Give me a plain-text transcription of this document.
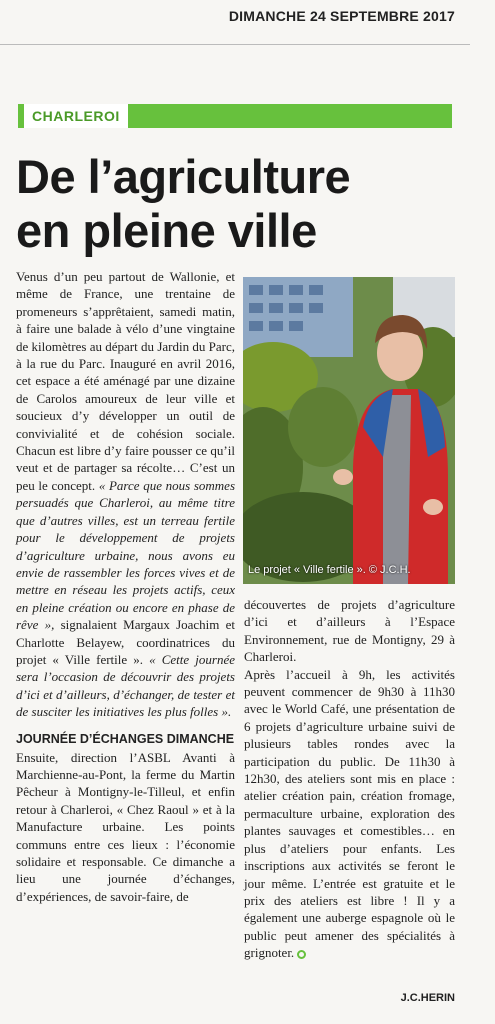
DIMANCHE 24 SEPTEMBRE 2017
CHARLEROI
De l’agriculture
en pleine ville

Venus d’un peu partout de Wallonie, et même de France, une trentaine de promeneurs s’apprêtaient, samedi matin, à faire une balade à vélo d’une vingtaine de kilomètres au départ du Jardin du Parc, à la rue du Parc. Inauguré en avril 2016, cet espace a été aménagé par une dizaine de Carolos amoureux de leur ville et soucieux d’y développer un outil de convivialité et de cohésion sociale. Chacun est libre d’y faire pousser ce qu’il veut et de partager sa récolte… C’est un peu le concept. « Parce que nous sommes persuadés que Charleroi, au même titre que d’autres villes, est un terreau fertile pour le développement de projets d’agriculture urbaine, nous avons eu envie de rassembler les forces vives et de mettre en réseau les projets actifs, ceux en pleine création ou encore en phase de rêve », signalaient Margaux Joachim et Charlotte Belayew, coordinatrices du projet « Ville fertile ». « Cette journée sera l’occasion de découvrir des projets d’ici et d’ailleurs, d’échanger, de tester et de susciter les initiatives les plus folles ».

JOURNÉE D’ÉCHANGES DIMANCHE

Ensuite, direction l’ASBL Avanti à Marchienne-au-Pont, la ferme du Martin Pêcheur à Montigny-le-Tilleul, et enfin retour à Charleroi, « Chez Raoul » et à la Manufacture urbaine. Les points communs entre ces lieux : l’économie solidaire et responsable. Ce dimanche a lieu une journée d’échanges, d’expériences, de savoir-faire, de

Le projet « Ville fertile ». © J.C.H.

découvertes de projets d’agriculture d’ici et d’ailleurs à l’Espace Environnement, rue de Montigny, 29 à Charleroi.

Après l’accueil à 9h, les activités peuvent commencer de 9h30 à 11h30 avec le World Café, une présentation de 6 projets d’agriculture urbaine suivi de plusieurs tables rondes avec la participation du public. De 11h30 à 12h30, des ateliers sont mis en place : atelier création pain, création fromage, permaculture urbaine, exploration des plantes sauvages et comestibles… en plus d’ateliers pour enfants. Les inscriptions aux activités se feront le jour même. L’entrée est gratuite et le prix des ateliers est libre ! Il y a également une auberge espagnole où le public peut amener des spécialités à grignoter.

J.C.HERIN
